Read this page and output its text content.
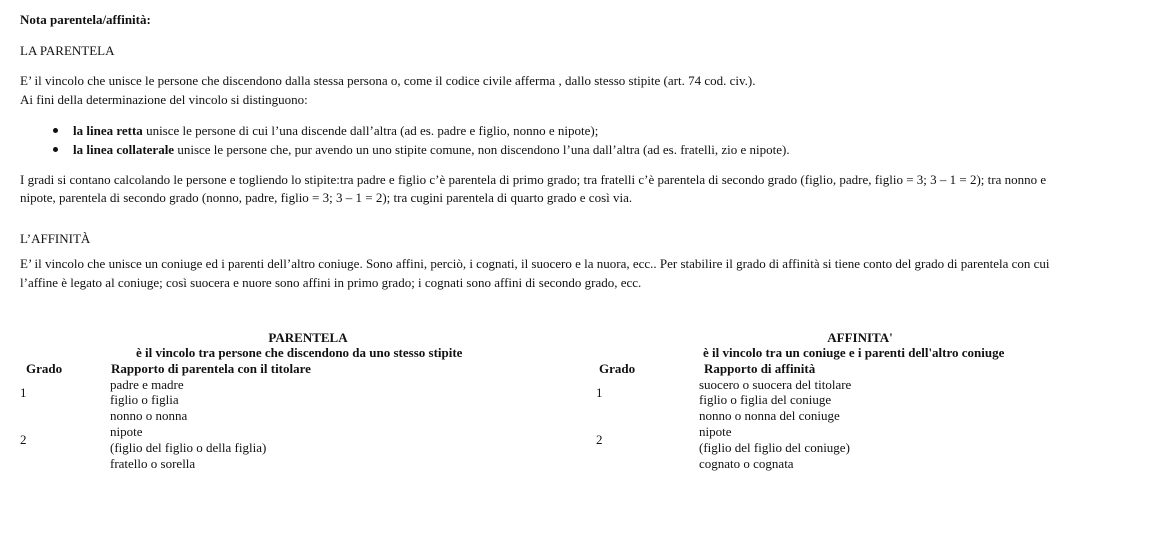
Nota parentela/affinità:
LA PARENTELA
E’ il vincolo che unisce le persone che discendono dalla stessa persona o, come il codice civile afferma , dallo stesso stipite (art. 74 cod. civ.).
Ai fini della determinazione del vincolo si distinguono:
la linea retta unisce le persone di cui l’una discende dall’altra (ad es. padre e figlio, nonno e nipote);
la linea collaterale unisce le persone che, pur avendo un uno stipite comune, non discendono l’una dall’altra (ad es. fratelli, zio e nipote).
I gradi si contano calcolando le persone e togliendo lo stipite:tra padre e figlio c’è parentela di primo grado; tra fratelli c’è parentela di secondo grado (figlio, padre, figlio = 3; 3 – 1 = 2); tra nonno e
nipote, parentela di secondo grado (nonno, padre, figlio = 3; 3 – 1 = 2); tra cugini parentela di quarto grado e così via.
L’AFFINITÀ
E’ il vincolo che unisce un coniuge ed i parenti dell’altro coniuge. Sono affini, perciò, i cognati, il suocero e la nuora, ecc.. Per stabilire il grado di affinità si tiene conto del grado di parentela con cui
l’affine è legato al coniuge; così suocera e nuore sono affini in primo grado; i cognati sono affini di secondo grado, ecc.
PARENTELA
è il vincolo tra persone che discendono da uno stesso stipite
Grado	Rapporto di parentela con il titolare
1
padre e madre
figlio o figlia
2
nonno o nonna
nipote
(figlio del figlio o della figlia)
fratello o sorella
AFFINITA'
è il vincolo tra un coniuge e i parenti dell'altro coniuge
Grado	Rapporto di affinità
1
suocero o suocera del titolare
figlio o figlia del coniuge
2
nonno o nonna del coniuge
nipote
(figlio del figlio del coniuge)
cognato o cognata
